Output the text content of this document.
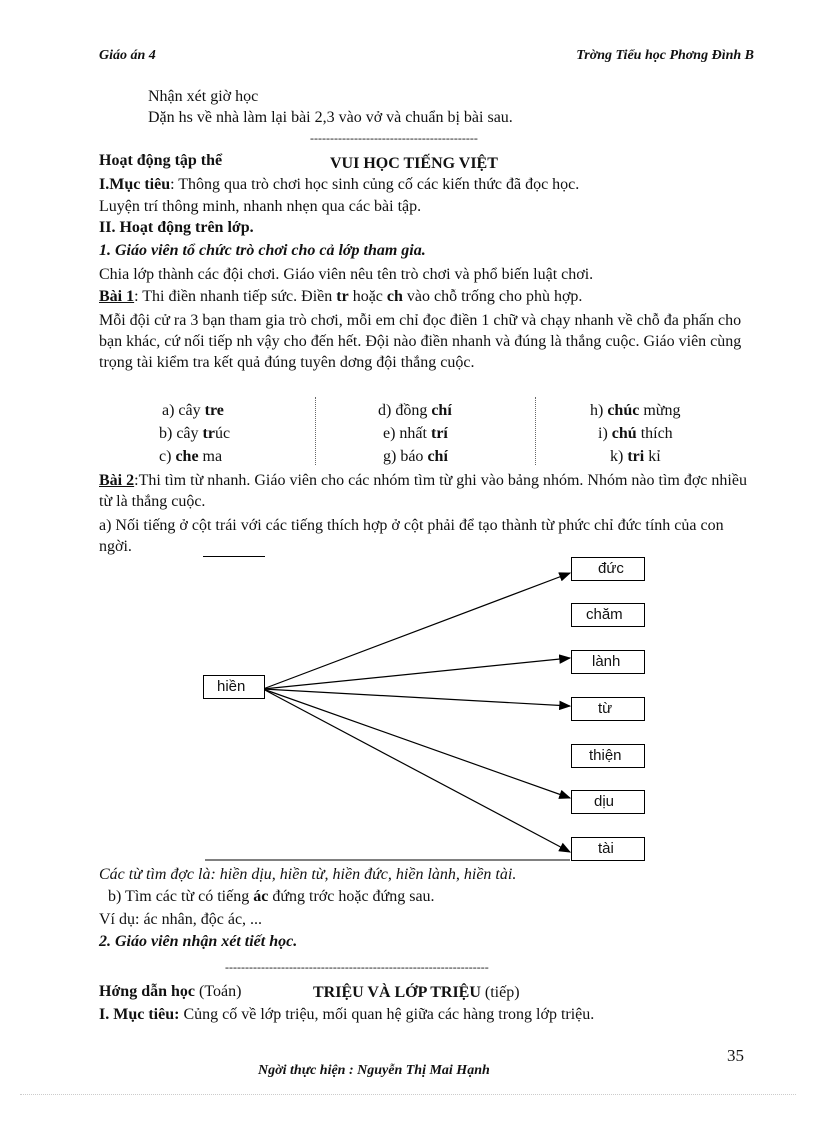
Giáo án 4	Trờng Tiểu học Phơng Đình B
Nhận xét giờ học
Dặn hs về nhà làm lại bài 2,3 vào vở và chuẩn bị bài sau.
------------------------------------------
Hoạt động tập thể	VUI HỌC TIẾNG VIỆT
I.Mục tiêu: Thông qua trò chơi học sinh củng cố các kiến thức đã đọc học.
Luyện trí thông minh, nhanh nhẹn qua các bài tập.
II. Hoạt động trên lớp.
1. Giáo viên tổ chức trò chơi cho cả lớp tham gia.
Chia lớp thành các đội chơi. Giáo viên nêu tên trò chơi và phổ biến luật chơi.
Bài 1: Thi điền nhanh tiếp sức. Điền tr hoặc ch vào chỗ trống cho phù hợp.
Mỗi đội cử ra 3 bạn tham gia trò chơi, mỗi em chỉ đọc điền 1 chữ và chạy nhanh về chỗ đa phấn cho bạn khác, cứ nối tiếp nh vậy cho đến hết. Đội nào điền nhanh và đúng là thắng cuộc. Giáo viên cùng trọng tài kiểm tra kết quả đúng tuyên dơng đội thắng cuộc.
a) cây tre	d) đồng chí	h) chúc mừng
b) cây trúc	e) nhất trí	i) chú thích
c) che ma	g) báo chí	k) tri kỉ
Bài 2:Thi tìm từ nhanh. Giáo viên cho các nhóm tìm từ ghi vào bảng nhóm. Nhóm nào tìm đợc nhiều từ là thắng cuộc.
a) Nối tiếng ở cột trái với các tiếng thích hợp ở cột phải để tạo thành từ phức chỉ đức tính của con ngời.
hiền
đức
chăm
lành
từ
thiện
dịu
tài
Các từ tìm đợc là: hiền dịu, hiền từ, hiền đức, hiền lành, hiền tài.
b) Tìm các từ có tiếng ác đứng trớc hoặc đứng sau.
Ví dụ: ác nhân, độc ác, ...
2. Giáo viên nhận xét tiết học.
------------------------------------------------------------------
Hớng dẫn học (Toán)	TRIỆU VÀ LỚP TRIỆU (tiếp)
I. Mục tiêu: Củng cố về lớp triệu, mối quan hệ giữa các hàng trong lớp triệu.
35
Ngời thực hiện : Nguyễn Thị Mai Hạnh
